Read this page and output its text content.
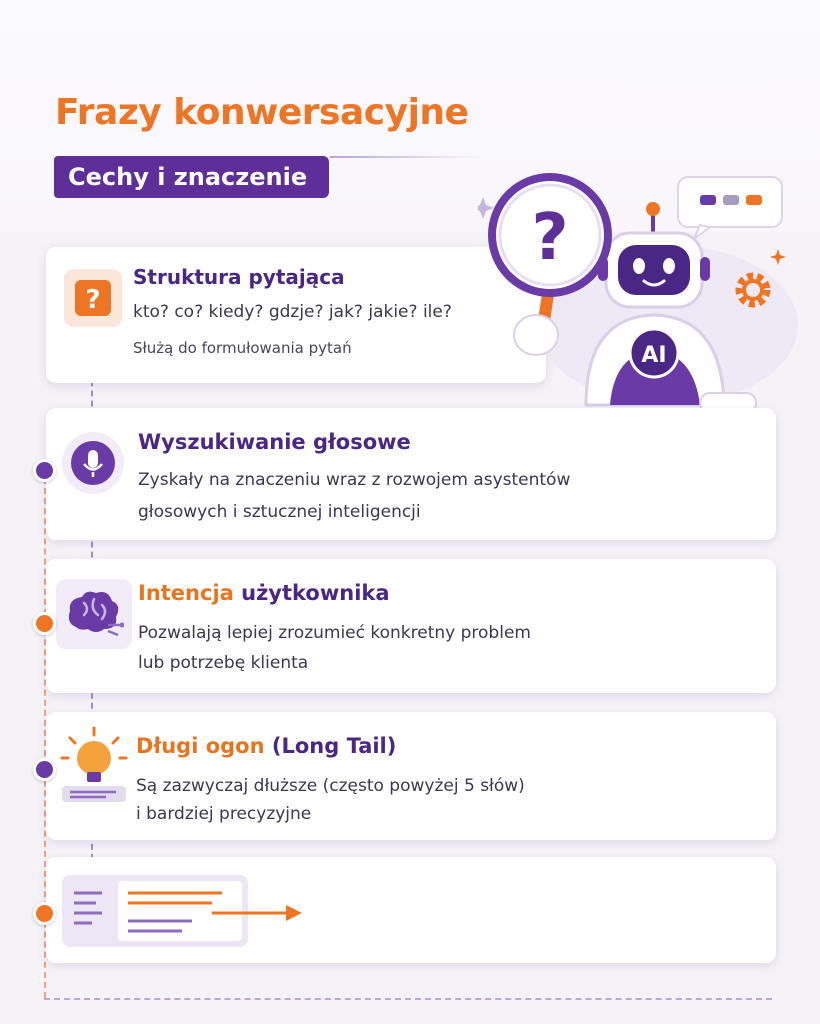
Frazy konwersacyjne
Cechy i znaczenie
?
Struktura pytająca
kto? co? kiedy? gdzje? jak? jakie? ile?
Służą do formułowania pytań	AI
?
Wyszukiwanie głosowe
Zyskały na znaczeniu wraz z rozwojem asystentów
głosowych i sztucznej inteligencji
Intencja użytkownika
Pozwalają lepiej zrozumieć konkretny problem
lub potrzebę klienta
Długi ogon (Long Tail)
Są zazwyczaj dłuższe (często powyżej 5 słów)
i bardziej precyzyjne
